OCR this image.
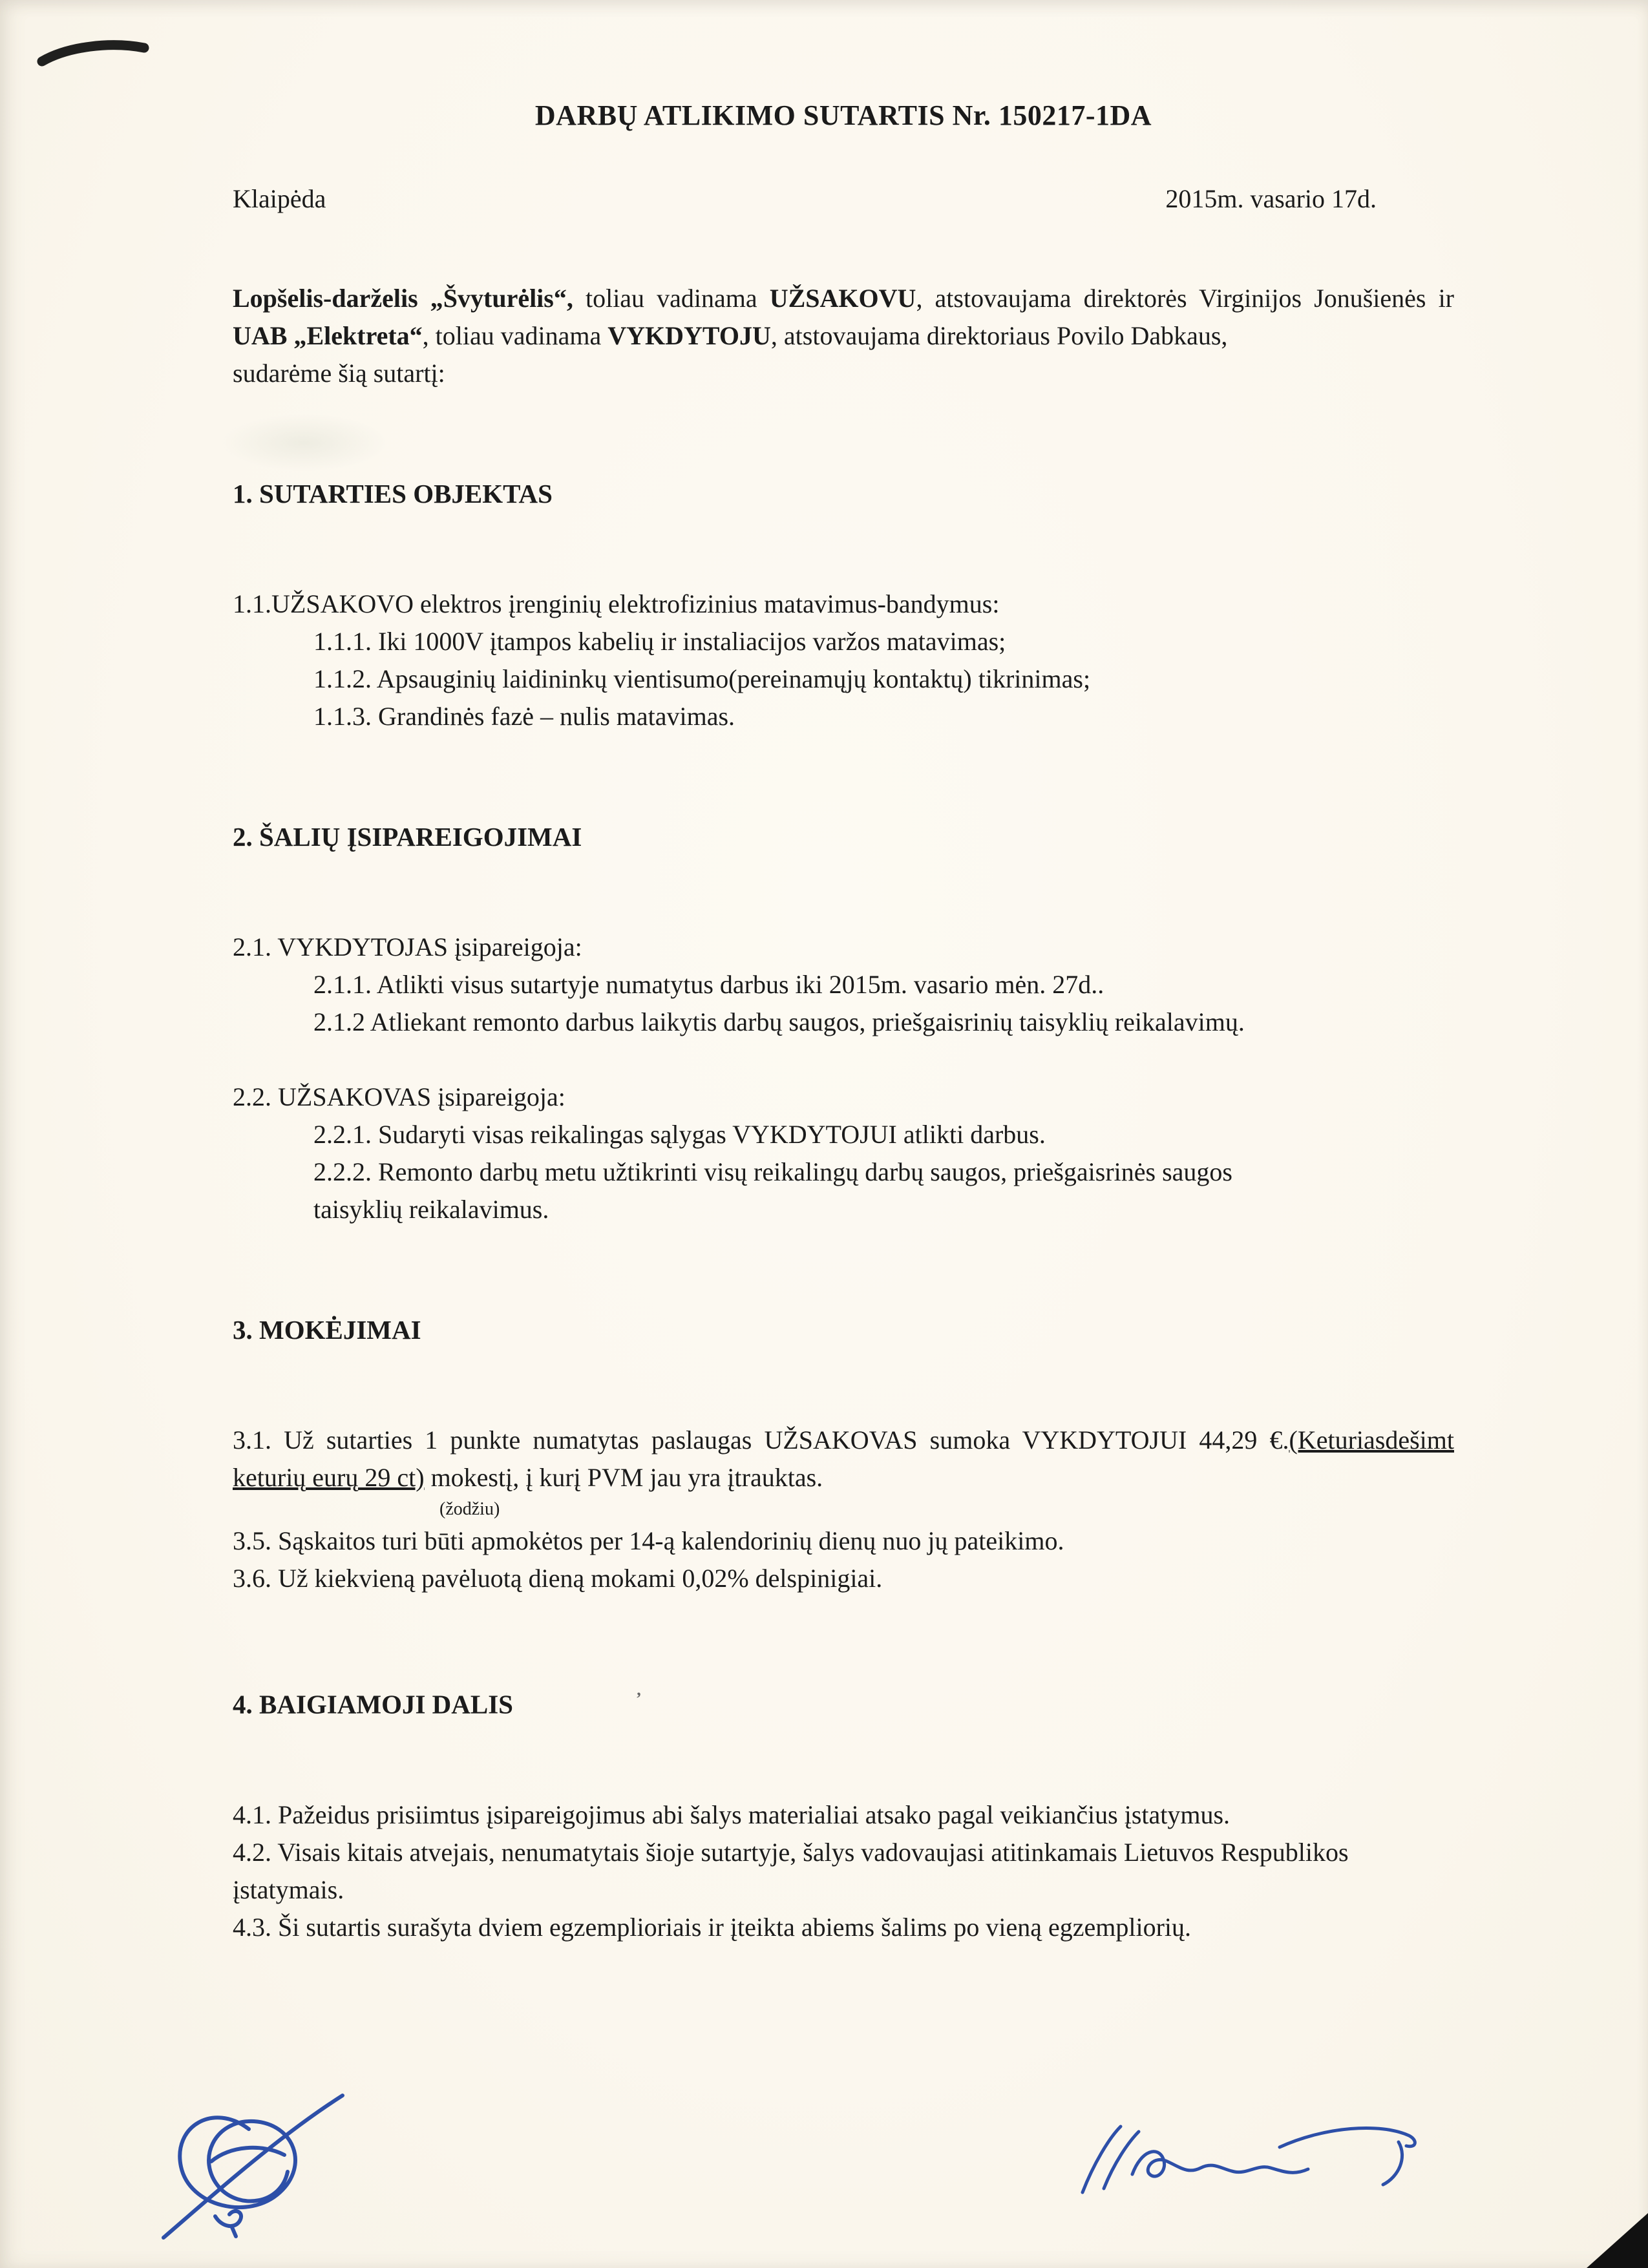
DARBŲ ATLIKIMO SUTARTIS Nr. 150217-1DA
Klaipėda	2015m. vasario 17d.

Lopšelis-darželis „Švyturėlis“, toliau vadinama UŽSAKOVU, atstovaujama direktorės Virginijos Jonušienės ir UAB „Elektreta“, toliau vadinama VYKDYTOJU, atstovaujama direktoriaus Povilo Dabkaus,

sudarėme šią sutartį:

1. SUTARTIES OBJEKTAS

1.1.UŽSAKOVO elektros įrenginių elektrofizinius matavimus-bandymus:

1.1.1. Iki 1000V įtampos kabelių ir instaliacijos varžos matavimas;

1.1.2. Apsauginių laidininkų vientisumo(pereinamųjų kontaktų) tikrinimas;

1.1.3. Grandinės fazė – nulis matavimas.

2. ŠALIŲ ĮSIPAREIGOJIMAI

2.1. VYKDYTOJAS įsipareigoja:

2.1.1. Atlikti visus sutartyje numatytus darbus iki 2015m. vasario mėn. 27d..

2.1.2 Atliekant remonto darbus laikytis darbų saugos, priešgaisrinių taisyklių reikalavimų.

2.2. UŽSAKOVAS įsipareigoja:

2.2.1. Sudaryti visas reikalingas sąlygas VYKDYTOJUI atlikti darbus.

2.2.2. Remonto darbų metu užtikrinti visų reikalingų darbų saugos, priešgaisrinės saugos taisyklių reikalavimus.

3. MOKĖJIMAI

3.1. Už sutarties 1 punkte numatytas paslaugas UŽSAKOVAS sumoka VYKDYTOJUI 44,29 €.(Keturiasdešimt keturių eurų 29 ct) mokestį, į kurį PVM jau yra įtrauktas.

(žodžiu)

3.5. Sąskaitos turi būti apmokėtos per 14-ą kalendorinių dienų nuo jų pateikimo.

3.6. Už kiekvieną pavėluotą dieną mokami 0,02% delspinigiai.

4. BAIGIAMOJI DALIS	$^ʼ$

4.1. Pažeidus prisiimtus įsipareigojimus abi šalys materialiai atsako pagal veikiančius įstatymus.

4.2. Visais kitais atvejais, nenumatytais šioje sutartyje, šalys vadovaujasi atitinkamais Lietuvos Respublikos įstatymais.

4.3. Ši sutartis surašyta dviem egzemplioriais ir įteikta abiems šalims po vieną egzempliorių.
